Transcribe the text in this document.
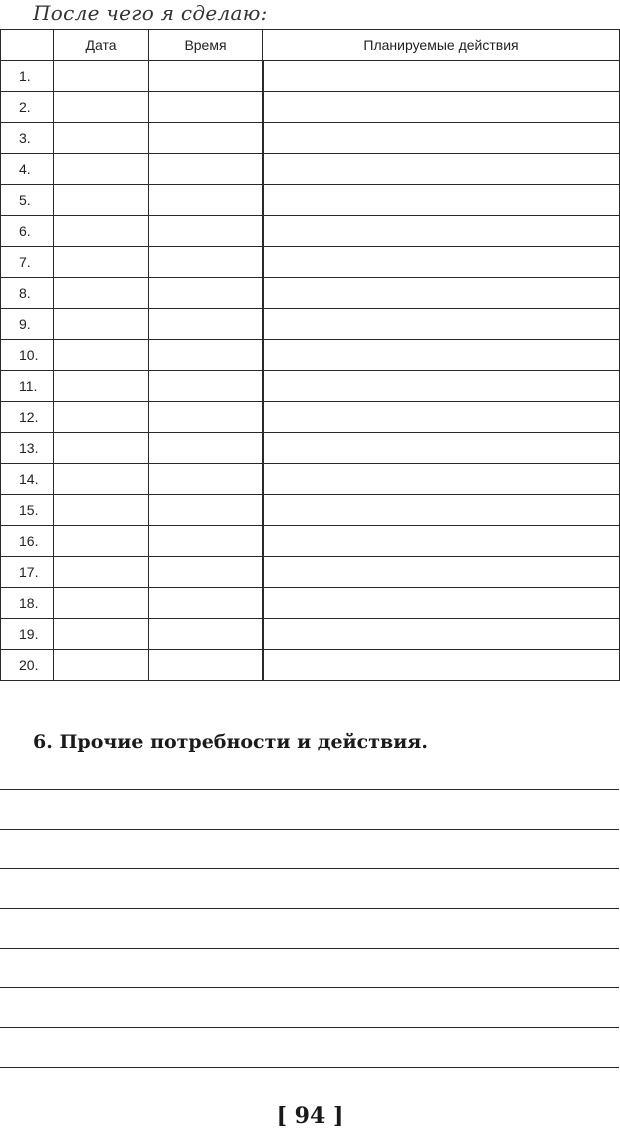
После чего я сделаю:
	Дата	Время	Планируемые действия
1.			
2.			
3.			
4.			
5.			
6.			
7.			
8.			
9.			
10.			
11.			
12.			
13.			
14.			
15.			
16.			
17.			
18.			
19.			
20.			
6. Прочие потребности и действия.
[ 94 ]
